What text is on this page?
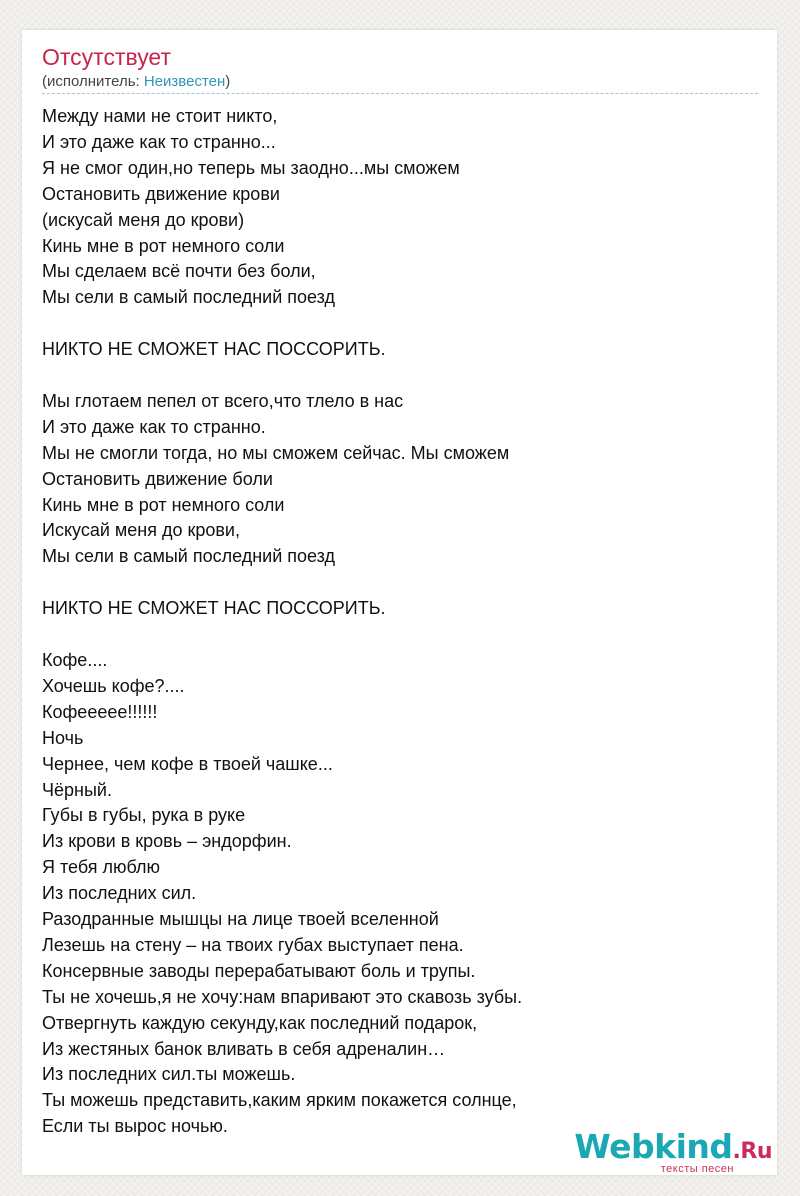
Отсутствует
(исполнитель: Неизвестен)
Между нами не стоит никто,
И это даже как то странно...
Я не смог один,но теперь мы заодно...мы сможем
Остановить движение крови
(искусай меня до крови)
Кинь мне в рот немного соли
Мы сделаем всё почти без боли,
Мы сели в самый последний поезд
НИКТО НЕ СМОЖЕТ НАС ПОССОРИТЬ.
Мы глотаем пепел от всего,что тлело в нас
И это даже как то странно.
Мы не смогли тогда, но мы сможем сейчас. Мы сможем
Остановить движение боли
Кинь мне в рот немного соли
Искусай меня до крови,
Мы сели в самый последний поезд
НИКТО НЕ СМОЖЕТ НАС ПОССОРИТЬ.
Кофе....
Хочешь кофе?....
Кофеееее!!!!!!
Ночь
Чернее, чем кофе в твоей чашке...
Чёрный.
Губы в губы, рука в руке
Из крови в кровь – эндорфин.
Я тебя люблю
Из последних сил.
Разодранные мышцы на лице твоей вселенной
Лезешь на стену – на твоих губах выступает пена.
Консервные заводы перерабатывают боль и трупы.
Ты не хочешь,я не хочу:нам впаривают это скавозь зубы.
Отвергнуть каждую секунду,как последний подарок,
Из жестяных банок вливать в себя адреналин…
Из последних сил.ты можешь.
Ты можешь представить,каким ярким покажется солнце,
Если ты вырос ночью.
Webkind.Ru
тексты песен
